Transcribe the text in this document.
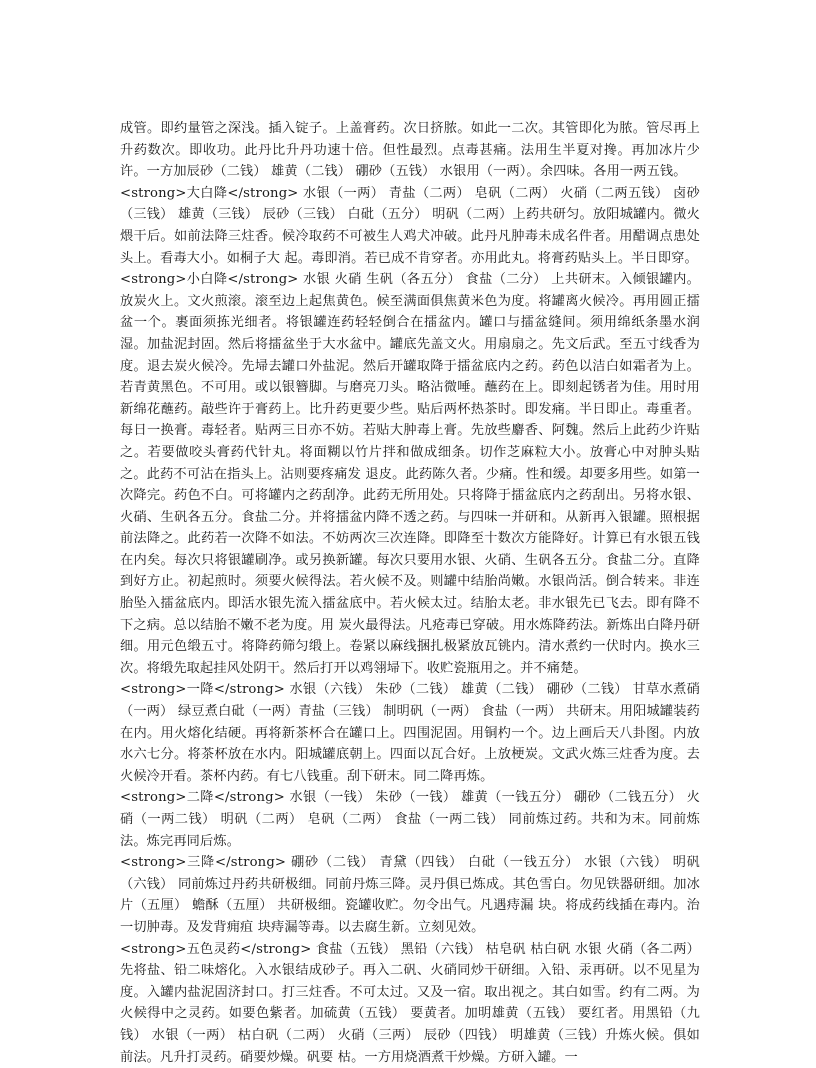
成管。即约量管之深浅。插入锭子。上盖膏药。次日挤脓。如此一二次。其管即化为脓。管尽再上升药数次。即收功。此丹比升丹功速十倍。但性最烈。点毒甚痛。法用生半夏对搀。再加冰片少许。一方加辰砂（二钱） 雄黄（二钱） 硼砂（五钱） 水银用（一两）。余四味。各用一两五钱。

<strong>大白降</strong> 水银（一两） 青盐（二两） 皂矾（二两） 火硝（二两五钱） 卤砂（三钱） 雄黄（三钱） 辰砂（三钱） 白砒（五分） 明矾（二两）上药共研匀。放阳城罐内。微火煨干后。如前法降三炷香。候冷取药不可被生人鸡犬冲破。此丹凡肿毒未成名件者。用醋调点患处头上。看毒大小。如桐子大 起。毒即消。若已成不肯穿者。亦用此丸。将膏药贴头上。半日即穿。

<strong>小白降</strong> 水银 火硝 生矾（各五分） 食盐（二分） 上共研末。入倾银罐内。放炭火上。文火煎滚。滚至边上起焦黄色。候至满面俱焦黄米色为度。将罐离火候冷。再用圆正擂盆一个。裹面须拣光细者。将银罐连药轻轻倒合在擂盆内。罐口与擂盆缝间。须用绵纸条墨水润湿。加盐泥封固。然后将擂盆坐于大水盆中。罐底先盖文火。用扇扇之。先文后武。至五寸线香为度。退去炭火候冷。先埽去罐口外盐泥。然后开罐取降于擂盆底内之药。药色以洁白如霜者为上。若青黄黑色。不可用。或以银簪脚。与磨亮刀头。略沾微唾。蘸药在上。即刻起锈者为佳。用时用新绵花蘸药。敲些许于膏药上。比升药更要少些。贴后两杯热茶时。即发痛。半日即止。毒重者。每日一换膏。毒轻者。贴两三日亦不妨。若贴大肿毒上膏。先放些麝香、阿魏。然后上此药少许贴之。若要做咬头膏药代针丸。将面糊以竹片拌和做成细条。切作芝麻粒大小。放膏心中对肿头贴之。此药不可沾在指头上。沾则要疼痛发 退皮。此药陈久者。少痛。性和缓。却要多用些。如第一次降完。药色不白。可将罐内之药刮净。此药无所用处。只将降于擂盆底内之药刮出。另将水银、火硝、生矾各五分。食盐二分。并将擂盆内降不透之药。与四味一并研和。从新再入银罐。照根据前法降之。此药若一次降不如法。不妨两次三次连降。即降至十数次方能降好。计算已有水银五钱在内矣。每次只将银罐刷净。或另换新罐。每次只要用水银、火硝、生矾各五分。食盐二分。直降到好方止。初起煎时。须要火候得法。若火候不及。则罐中结胎尚嫩。水银尚活。倒合转来。非连胎坠入擂盆底内。即活水银先流入擂盆底中。若火候太过。结胎太老。非水银先已飞去。即有降不下之病。总以结胎不嫩不老为度。用 炭火最得法。凡疮毒已穿破。用水炼降药法。新炼出白降丹研细。用元色缎五寸。将降药筛匀缎上。卷紧以麻线捆扎极紧放瓦铫内。清水煮约一伏时内。换水三次。将缎先取起挂风处阴干。然后打开以鸡翎埽下。收贮瓷瓶用之。并不痛楚。

<strong>一降</strong> 水银（六钱） 朱砂（二钱） 雄黄（二钱） 硼砂（二钱） 甘草水煮硝（一两） 绿豆煮白砒（一两）青盐（三钱） 制明矾（一两） 食盐（一两） 共研末。用阳城罐装药在内。用火熔化结硬。再将新茶杯合在罐口上。四围泥固。用铜杓一个。边上画后天八卦图。内放水六七分。将茶杯放在水内。阳城罐底朝上。四面以瓦合好。上放梗炭。文武火炼三炷香为度。去火候冷开看。茶杯内药。有七八钱重。刮下研末。同二降再炼。

<strong>二降</strong> 水银（一钱） 朱砂（一钱） 雄黄（一钱五分） 硼砂（二钱五分） 火硝（一两二钱） 明矾（二两） 皂矾（二两） 食盐（一两二钱） 同前炼过药。共和为末。同前炼法。炼完再同后炼。

<strong>三降</strong> 硼砂（二钱） 青黛（四钱） 白砒（一钱五分） 水银（六钱） 明矾（六钱） 同前炼过丹药共研极细。同前丹炼三降。灵丹俱已炼成。其色雪白。勿见铁器研细。加冰片（五厘） 蟾酥（五厘） 共研极细。瓷罐收贮。勿令出气。凡遇痔漏 块。将成药线插在毒内。治一切肿毒。及发背痈疽 块痔漏等毒。以去腐生新。立刻见效。

<strong>五色灵药</strong> 食盐（五钱） 黑铅（六钱） 枯皂矾 枯白矾 水银 火硝（各二两）先将盐、铅二味熔化。入水银结成砂子。再入二矾、火硝同炒干研细。入铅、汞再研。以不见星为度。入罐内盐泥固济封口。打三炷香。不可太过。又及一宿。取出视之。其白如雪。约有二两。为火候得中之灵药。如要色紫者。加硫黄（五钱） 要黄者。加明雄黄（五钱） 要红者。用黑铅（九钱） 水银（一两） 枯白矾（二两） 火硝（三两） 辰砂（四钱） 明雄黄（三钱）升炼火候。俱如前法。凡升打灵药。硝要炒燥。矾要 枯。一方用烧酒煮干炒燥。方研入罐。一
